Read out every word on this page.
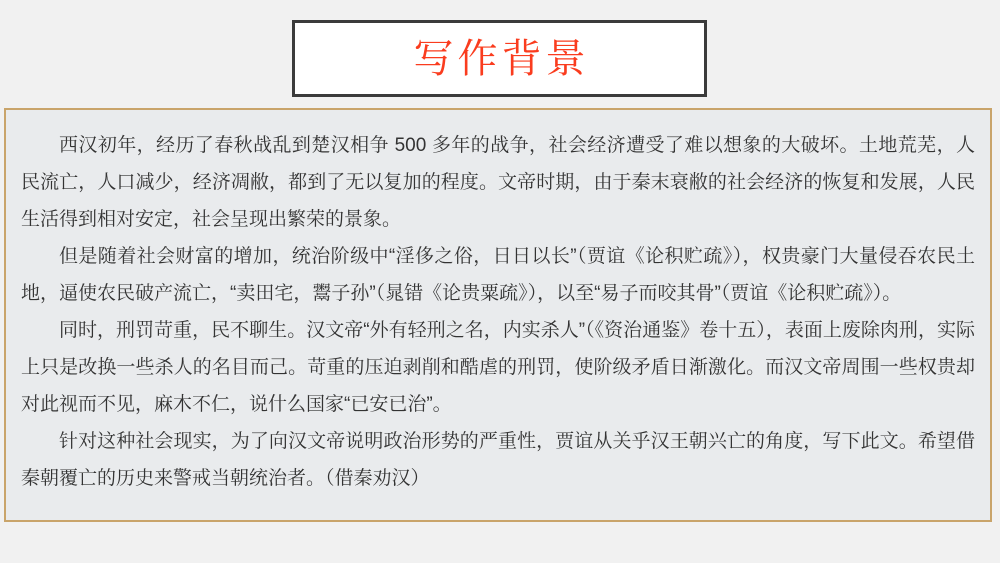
写作背景

西汉初年，经历了春秋战乱到楚汉相争 500 多年的战争，社会经济遭受了难以想象的大破坏。土地荒芜，人民流亡，人口减少，经济凋敝，都到了无以复加的程度。文帝时期，由于秦末衰敝的社会经济的恢复和发展，人民生活得到相对安定，社会呈现出繁荣的景象。

但是随着社会财富的增加，统治阶级中“淫侈之俗，日日以长”（贾谊《论积贮疏》），权贵豪门大量侵吞农民土地，逼使农民破产流亡，“卖田宅，鬻子孙”（晁错《论贵粟疏》），以至“易子而咬其骨”（贾谊《论积贮疏》）。

同时，刑罚苛重，民不聊生。汉文帝“外有轻刑之名，内实杀人”（《资治通鉴》卷十五），表面上废除肉刑，实际上只是改换一些杀人的名目而己。苛重的压迫剥削和酷虐的刑罚，使阶级矛盾日渐激化。而汉文帝周围一些权贵却对此视而不见，麻木不仁，说什么国家“已安已治”。

针对这种社会现实，为了向汉文帝说明政治形势的严重性，贾谊从关乎汉王朝兴亡的角度，写下此文。希望借秦朝覆亡的历史来警戒当朝统治者。（借秦劝汉）
